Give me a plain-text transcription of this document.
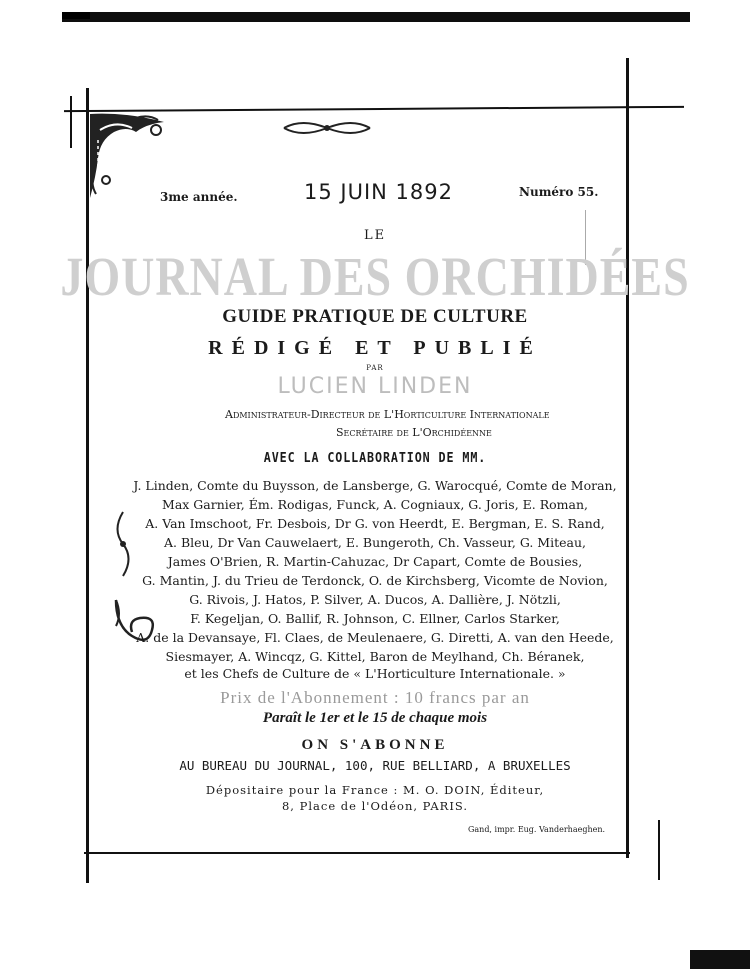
3me année.	15 JUIN 1892	Numéro 55.
LE
JOURNAL DES ORCHIDÉES
GUIDE PRATIQUE DE CULTURE
RÉDIGÉ ET PUBLIÉ
PAR
LUCIEN LINDEN
Administrateur-Directeur de L'Horticulture Internationale
Secrétaire de L'Orchidéenne
AVEC LA COLLABORATION DE MM.
J. Linden, Comte du Buysson, de Lansberge, G. Warocqué, Comte de Moran,
Max Garnier, Ém. Rodigas, Funck, A. Cogniaux, G. Joris, E. Roman,
A. Van Imschoot, Fr. Desbois, Dr G. von Heerdt, E. Bergman, E. S. Rand,
A. Bleu, Dr Van Cauwelaert, E. Bungeroth, Ch. Vasseur, G. Miteau,
James O'Brien, R. Martin-Cahuzac, Dr Capart, Comte de Bousies,
G. Mantin, J. du Trieu de Terdonck, O. de Kirchsberg, Vicomte de Novion,
G. Rivois, J. Hatos, P. Silver, A. Ducos, A. Dallière, J. Nötzli,
F. Kegeljan, O. Ballif, R. Johnson, C. Ellner, Carlos Starker,
A. de la Devansaye, Fl. Claes, de Meulenaere, G. Diretti, A. van den Heede,
Siesmayer, A. Wincqz, G. Kittel, Baron de Meylhand, Ch. Béranek,
et les Chefs de Culture de « L'Horticulture Internationale. »
Prix de l'Abonnement : 10 francs par an
Paraît le 1er et le 15 de chaque mois
ON S'ABONNE
AU BUREAU DU JOURNAL, 100, RUE BELLIARD, A BRUXELLES
Dépositaire pour la France : M. O. DOIN, Éditeur,
8, Place de l'Odéon, PARIS.
Gand, impr. Eug. Vanderhaeghen.
